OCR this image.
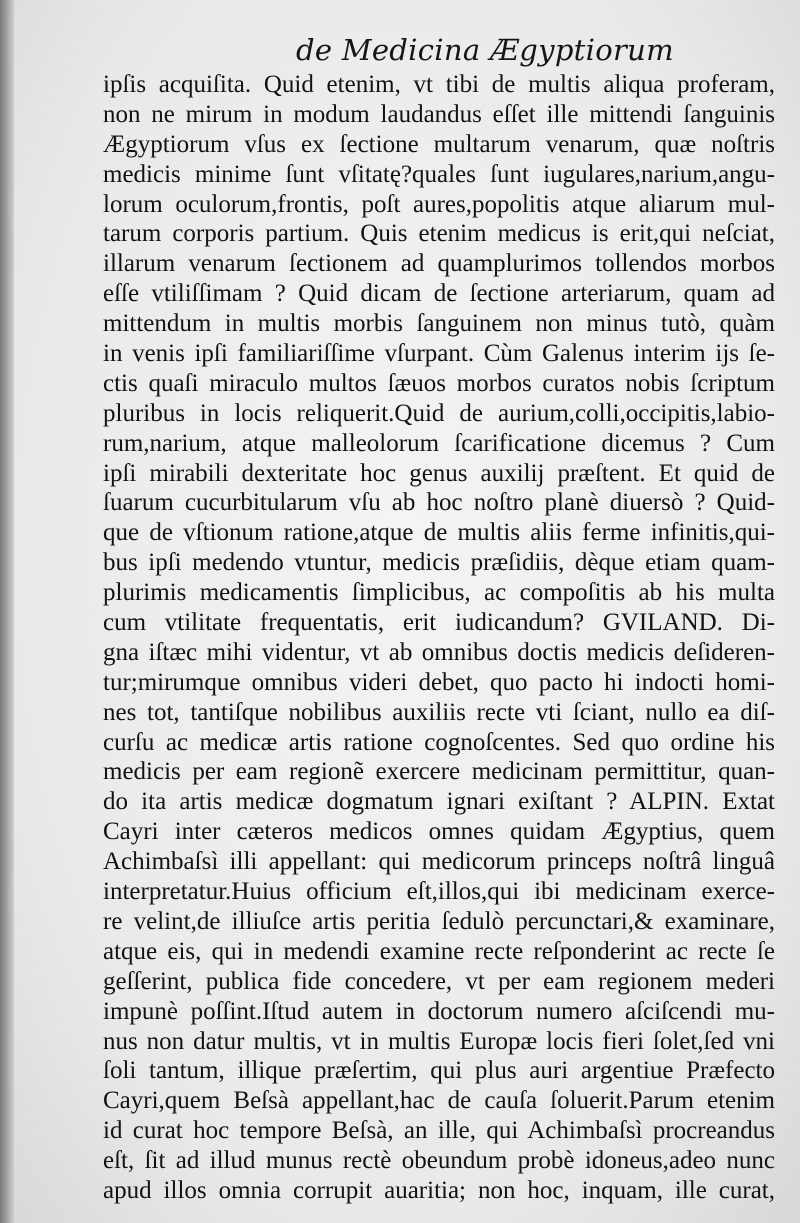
de Medicina Ægyptiorum
ipſis acquiſita. Quid etenim, vt tibi de multis aliqua proferam,
non ne mirum in modum laudandus eſſet ille mittendi ſanguinis
Ægyptiorum vſus ex ſectione multarum venarum, quæ noſtris
medicis minime ſunt vſitatę?quales ſunt iugulares,narium,angu-
lorum oculorum,frontis, poſt aures,popolitis atque aliarum mul-
tarum corporis partium. Quis etenim medicus is erit,qui neſciat,
illarum venarum ſectionem ad quamplurimos tollendos morbos
eſſe vtiliſſimam ? Quid dicam de ſectione arteriarum, quam ad
mittendum in multis morbis ſanguinem non minus tutò, quàm
in venis ipſi familiariſſime vſurpant. Cùm Galenus interim ijs ſe-
ctis quaſi miraculo multos ſæuos morbos curatos nobis ſcriptum
pluribus in locis reliquerit.Quid de aurium,colli,occipitis,labio-
rum,narium, atque malleolorum ſcarificatione dicemus ? Cum
ipſi mirabili dexteritate hoc genus auxilij præſtent. Et quid de
ſuarum cucurbitularum vſu ab hoc noſtro planè diuersò ? Quid-
que de vſtionum ratione,atque de multis aliis ferme infinitis,qui-
bus ipſi medendo vtuntur, medicis præſidiis, dèque etiam quam-
plurimis medicamentis ſimplicibus, ac compoſitis ab his multa
cum vtilitate frequentatis, erit iudicandum? GVILAND. Di-
gna iſtæc mihi videntur, vt ab omnibus doctis medicis deſideren-
tur;mirumque omnibus videri debet, quo pacto hi indocti homi-
nes tot, tantiſque nobilibus auxiliis recte vti ſciant, nullo ea diſ-
curſu ac medicæ artis ratione cognoſcentes. Sed quo ordine his
medicis per eam regionẽ exercere medicinam permittitur, quan-
do ita artis medicæ dogmatum ignari exiſtant ? ALPIN. Extat
Cayri inter cæteros medicos omnes quidam Ægyptius, quem
Achimbaſsì illi appellant: qui medicorum princeps noſtrâ linguâ
interpretatur.Huius officium eſt,illos,qui ibi medicinam exerce-
re velint,de illiuſce artis peritia ſedulò percunctari,& examinare,
atque eis, qui in medendi examine recte reſponderint ac recte ſe
geſſerint, publica fide concedere, vt per eam regionem mederi
impunè poſſint.Iſtud autem in doctorum numero aſciſcendi mu-
nus non datur multis, vt in multis Europæ locis fieri ſolet,ſed vni
ſoli tantum, illique præſertim, qui plus auri argentiue Præfecto
Cayri,quem Beſsà appellant,hac de cauſa ſoluerit.Parum etenim
id curat hoc tempore Beſsà, an ille, qui Achimbaſsì procreandus
eſt, ſit ad illud munus rectè obeundum probè idoneus,adeo nunc
apud illos omnia corrupit auaritia; non hoc, inquam, ille curat,
